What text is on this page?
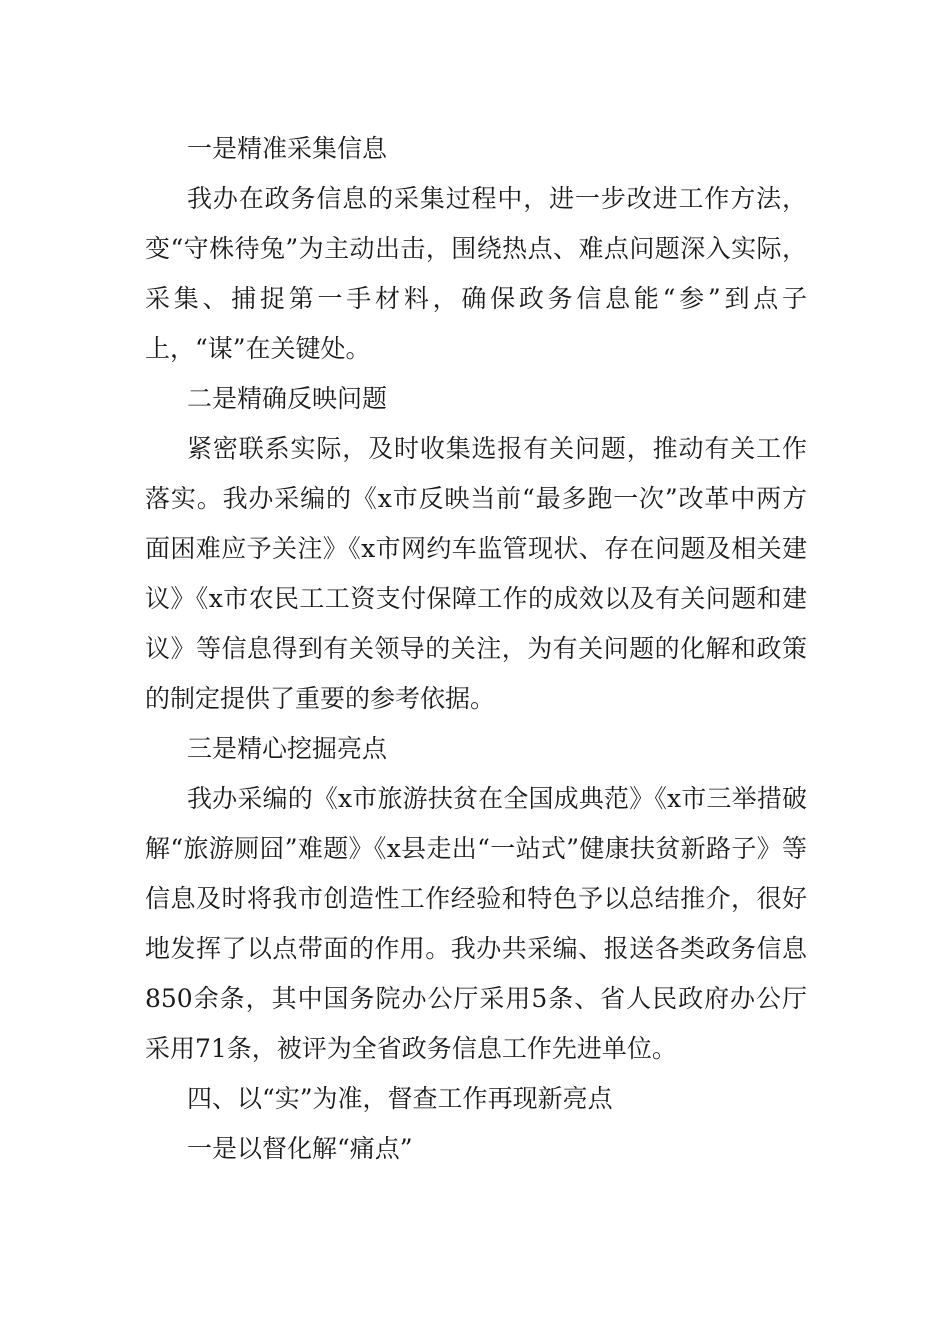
一是精准采集信息

我办在政务信息的采集过程中，进一步改进工作方法，变“守株待兔”为主动出击，围绕热点、难点问题深入实际，采集、捕捉第一手材料，确保政务信息能“参”到点子上，“谋”在关键处。

二是精确反映问题

紧密联系实际，及时收集选报有关问题，推动有关工作落实。我办采编的《x市反映当前“最多跑一次”改革中两方面困难应予关注》《x市网约车监管现状、存在问题及相关建议》《x市农民工工资支付保障工作的成效以及有关问题和建议》等信息得到有关领导的关注，为有关问题的化解和政策的制定提供了重要的参考依据。

三是精心挖掘亮点

我办采编的《x市旅游扶贫在全国成典范》《x市三举措破解“旅游厕囧”难题》《x县走出“一站式”健康扶贫新路子》等信息及时将我市创造性工作经验和特色予以总结推介，很好地发挥了以点带面的作用。我办共采编、报送各类政务信息850余条，其中国务院办公厅采用5条、省人民政府办公厅采用71条，被评为全省政务信息工作先进单位。

四、以“实”为准，督查工作再现新亮点

一是以督化解“痛点”
